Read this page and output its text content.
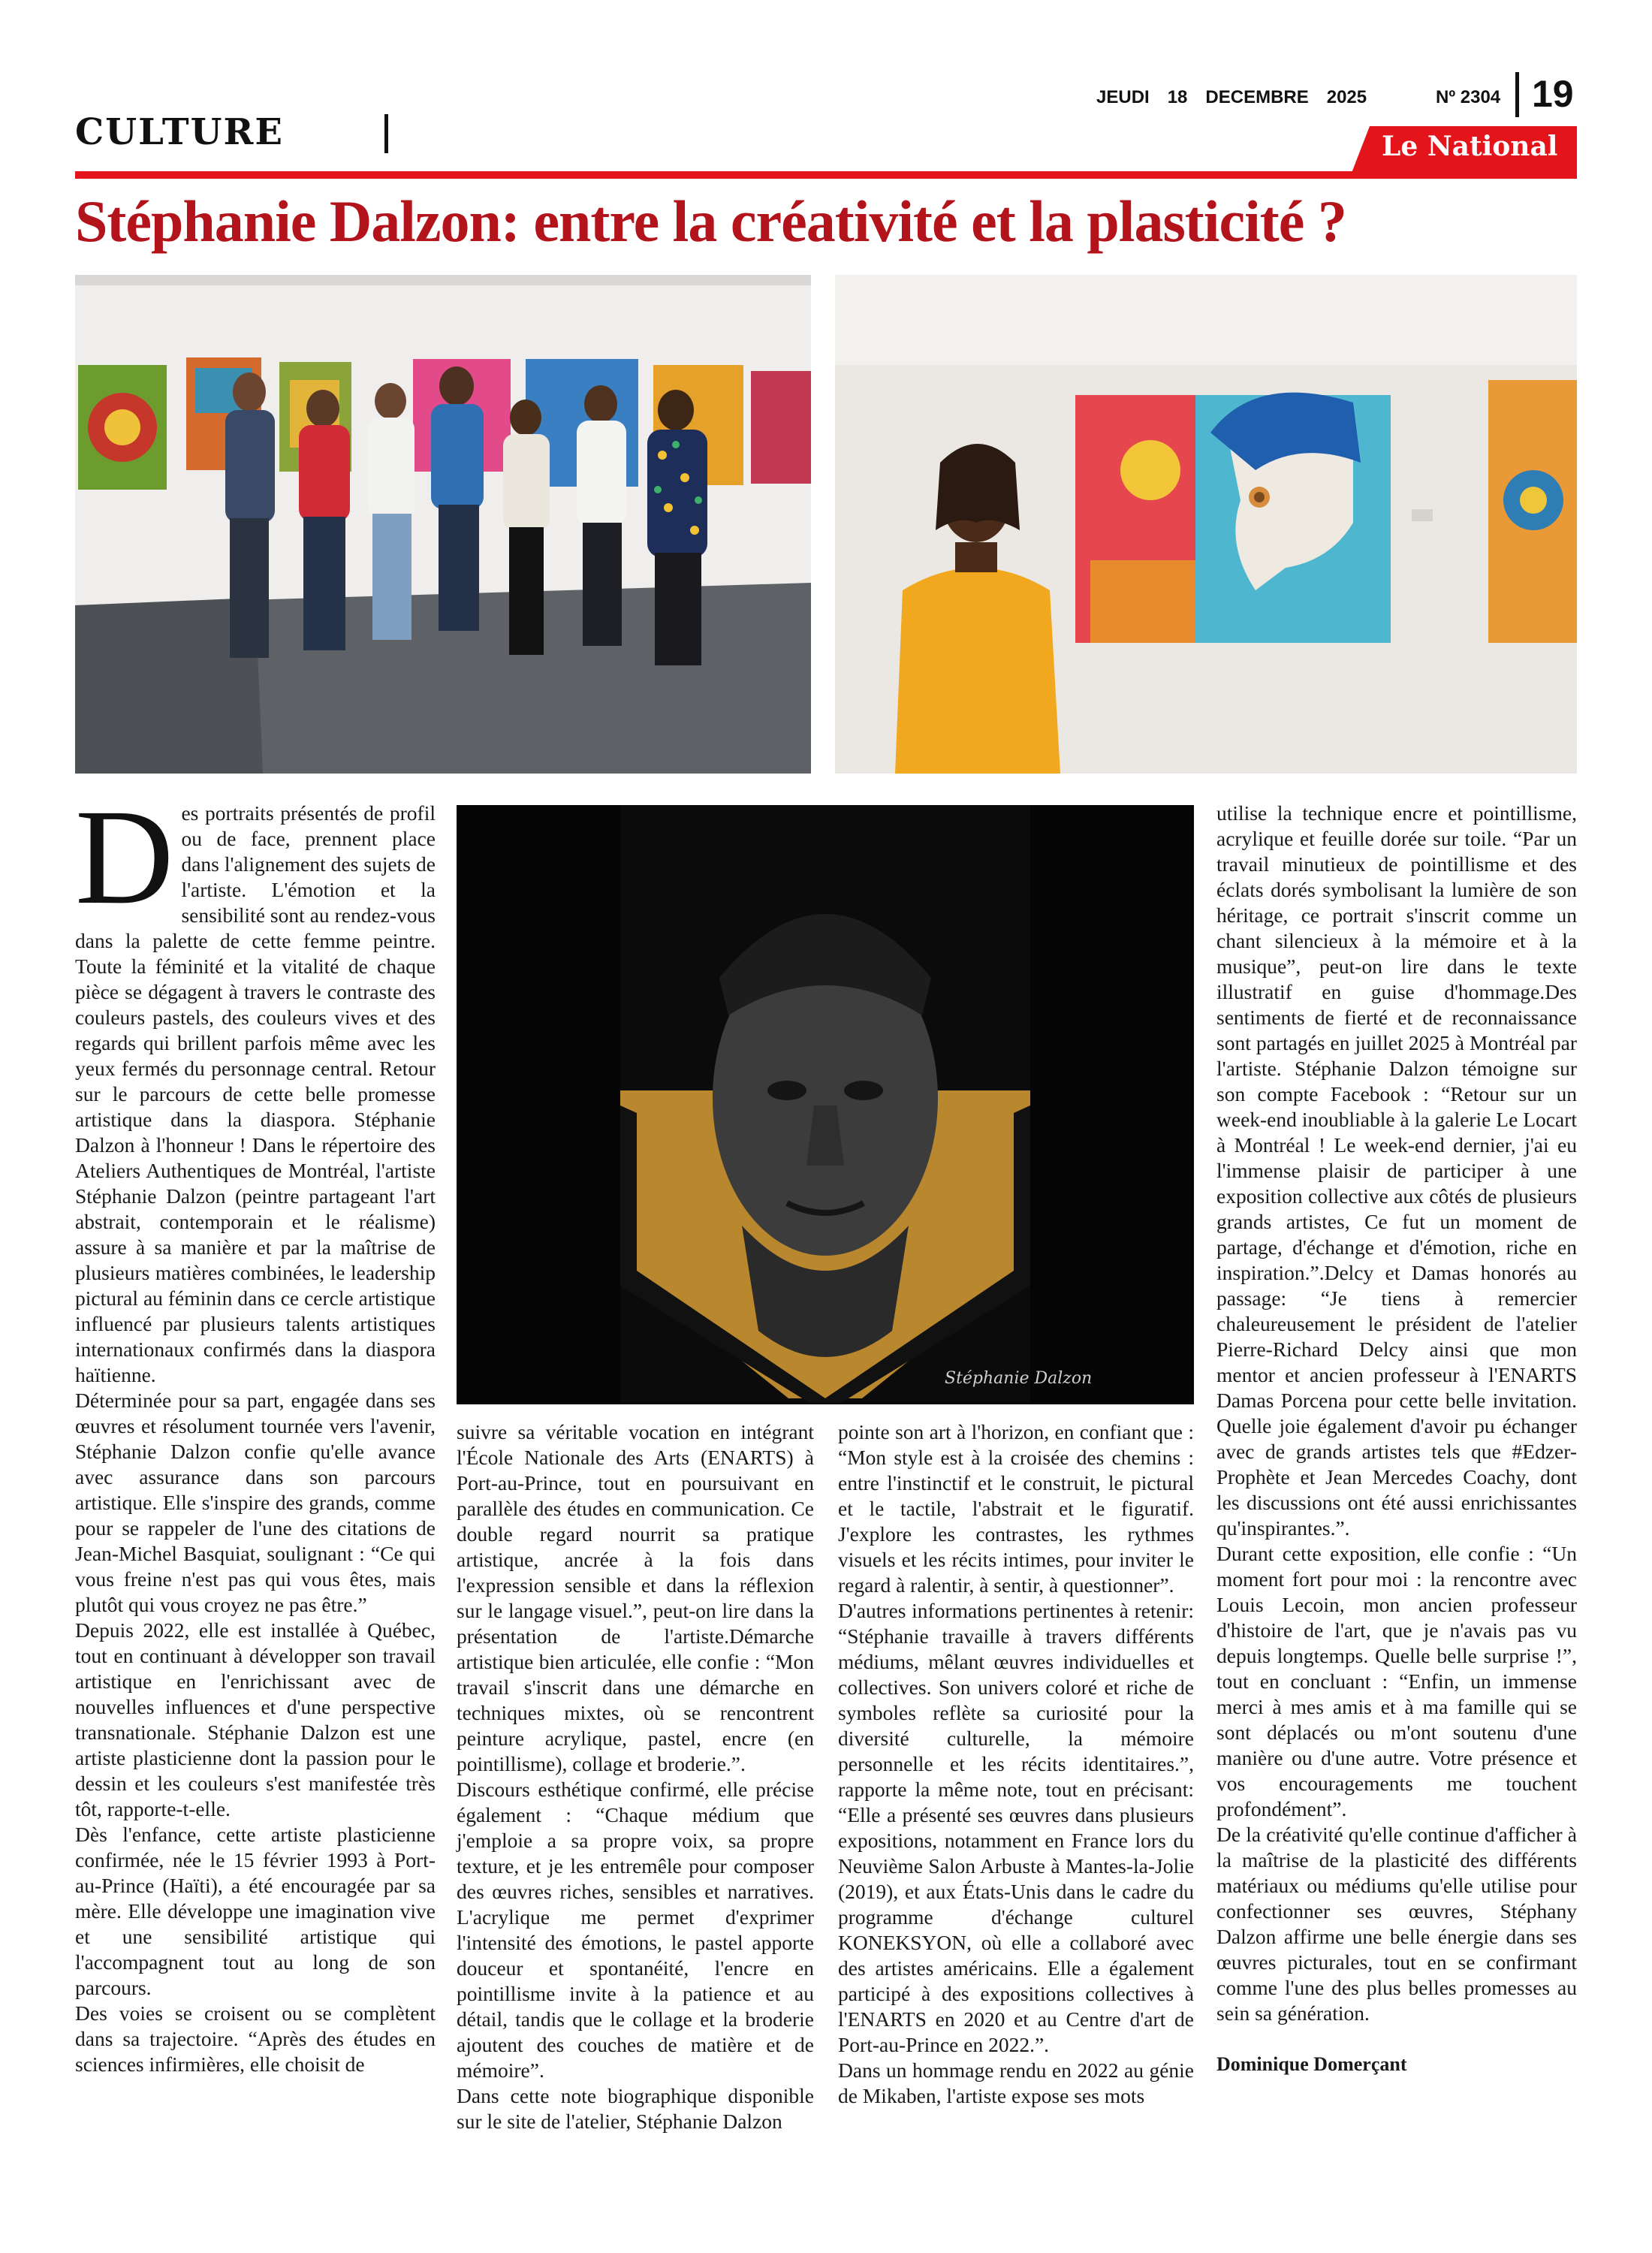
CULTURE
JEUDI 18 DECEMBRE 2025	Nº 2304 19
Le National
Stéphanie Dalzon: entre la créativité et la plasticité ?
Stéphanie Dalzon
D es portraits présentés de profil ou de face, prennent place dans l'alignement des sujets de l'artiste. L'émotion et la sensibilité sont au rendez-vous dans la palette de cette femme peintre. Toute la féminité et la vitalité de chaque pièce se dégagent à travers le contraste des couleurs pastels, des couleurs vives et des regards qui brillent parfois même avec les yeux fermés du personnage central. Retour sur le parcours de cette belle promesse artistique dans la diaspora. Stéphanie Dalzon à l'honneur ! Dans le répertoire des Ateliers Authentiques de Montréal, l'artiste Stéphanie Dalzon (peintre partageant l'art abstrait, contemporain et le réalisme) assure à sa manière et par la maîtrise de plusieurs matières combinées, le leadership pictural au féminin dans ce cercle artistique influencé par plusieurs talents artistiques internationaux confirmés dans la diaspora haïtienne.

Déterminée pour sa part, engagée dans ses œuvres et résolument tournée vers l'avenir, Stéphanie Dalzon confie qu'elle avance avec assurance dans son parcours artistique. Elle s'inspire des grands, comme pour se rappeler de l'une des citations de Jean-Michel Basquiat, soulignant : “Ce qui vous freine n'est pas qui vous êtes, mais plutôt qui vous croyez ne pas être.”

Depuis 2022, elle est installée à Québec, tout en continuant à développer son travail artistique en l'enrichissant avec de nouvelles influences et d'une perspective transnationale. Stéphanie Dalzon est une artiste plasticienne dont la passion pour le dessin et les couleurs s'est manifestée très tôt, rapporte-t-elle.

Dès l'enfance, cette artiste plasticienne confirmée, née le 15 février 1993 à Port-au-Prince (Haïti), a été encouragée par sa mère. Elle développe une imagination vive et une sensibilité artistique qui l'accompagnent tout au long de son parcours.

Des voies se croisent ou se complètent dans sa trajectoire. “Après des études en sciences infirmières, elle choisit de

suivre sa véritable vocation en intégrant l'École Nationale des Arts (ENARTS) à Port-au-Prince, tout en poursuivant en parallèle des études en communication. Ce double regard nourrit sa pratique artistique, ancrée à la fois dans l'expression sensible et dans la réflexion sur le langage visuel.”, peut-on lire dans la présentation de l'artiste.Démarche artistique bien articulée, elle confie : “Mon travail s'inscrit dans une démarche en techniques mixtes, où se rencontrent peinture acrylique, pastel, encre (en pointillisme), collage et broderie.”.

Discours esthétique confirmé, elle précise également : “Chaque médium que j'emploie a sa propre voix, sa propre texture, et je les entremêle pour composer des œuvres riches, sensibles et narratives. L'acrylique me permet d'exprimer l'intensité des émotions, le pastel apporte douceur et spontanéité, l'encre en pointillisme invite à la patience et au détail, tandis que le collage et la broderie ajoutent des couches de matière et de mémoire”.

Dans cette note biographique disponible sur le site de l'atelier, Stéphanie Dalzon

pointe son art à l'horizon, en confiant que : “Mon style est à la croisée des chemins : entre l'instinctif et le construit, le pictural et le tactile, l'abstrait et le figuratif. J'explore les contrastes, les rythmes visuels et les récits intimes, pour inviter le regard à ralentir, à sentir, à questionner”.

D'autres informations pertinentes à retenir: “Stéphanie travaille à travers différents médiums, mêlant œuvres individuelles et collectives. Son univers coloré et riche de symboles reflète sa curiosité pour la diversité culturelle, la mémoire personnelle et les récits identitaires.”, rapporte la même note, tout en précisant: “Elle a présenté ses œuvres dans plusieurs expositions, notamment en France lors du Neuvième Salon Arbuste à Mantes-la-Jolie (2019), et aux États-Unis dans le cadre du programme d'échange culturel KONEKSYON, où elle a collaboré avec des artistes américains. Elle a également participé à des expositions collectives à l'ENARTS en 2020 et au Centre d'art de Port-au-Prince en 2022.”.

Dans un hommage rendu en 2022 au génie de Mikaben, l'artiste expose ses mots

utilise la technique encre et pointillisme, acrylique et feuille dorée sur toile. “Par un travail minutieux de pointillisme et des éclats dorés symbolisant la lumière de son héritage, ce portrait s'inscrit comme un chant silencieux à la mémoire et à la musique”, peut-on lire dans le texte illustratif en guise d'hommage.Des sentiments de fierté et de reconnaissance sont partagés en juillet 2025 à Montréal par l'artiste. Stéphanie Dalzon témoigne sur son compte Facebook : “Retour sur un week-end inoubliable à la galerie Le Locart à Montréal ! Le week-end dernier, j'ai eu l'immense plaisir de participer à une exposition collective aux côtés de plusieurs grands artistes, Ce fut un moment de partage, d'échange et d'émotion, riche en inspiration.”.Delcy et Damas honorés au passage: “Je tiens à remercier chaleureusement le président de l'atelier Pierre-Richard Delcy ainsi que mon mentor et ancien professeur à l'ENARTS Damas Porcena pour cette belle invitation. Quelle joie également d'avoir pu échanger avec de grands artistes tels que #Edzer-Prophète et Jean Mercedes Coachy, dont les discussions ont été aussi enrichissantes qu'inspirantes.”.

Durant cette exposition, elle confie : “Un moment fort pour moi : la rencontre avec Louis Lecoin, mon ancien professeur d'histoire de l'art, que je n'avais pas vu depuis longtemps. Quelle belle surprise !”, tout en concluant : “Enfin, un immense merci à mes amis et à ma famille qui se sont déplacés ou m'ont soutenu d'une manière ou d'une autre. Votre présence et vos encouragements me touchent profondément”.

De la créativité qu'elle continue d'afficher à la maîtrise de la plasticité des différents matériaux ou médiums qu'elle utilise pour confectionner ses œuvres, Stéphany Dalzon affirme une belle énergie dans ses œuvres picturales, tout en se confirmant comme l'une des plus belles promesses au sein sa génération.

Dominique Domerçant
